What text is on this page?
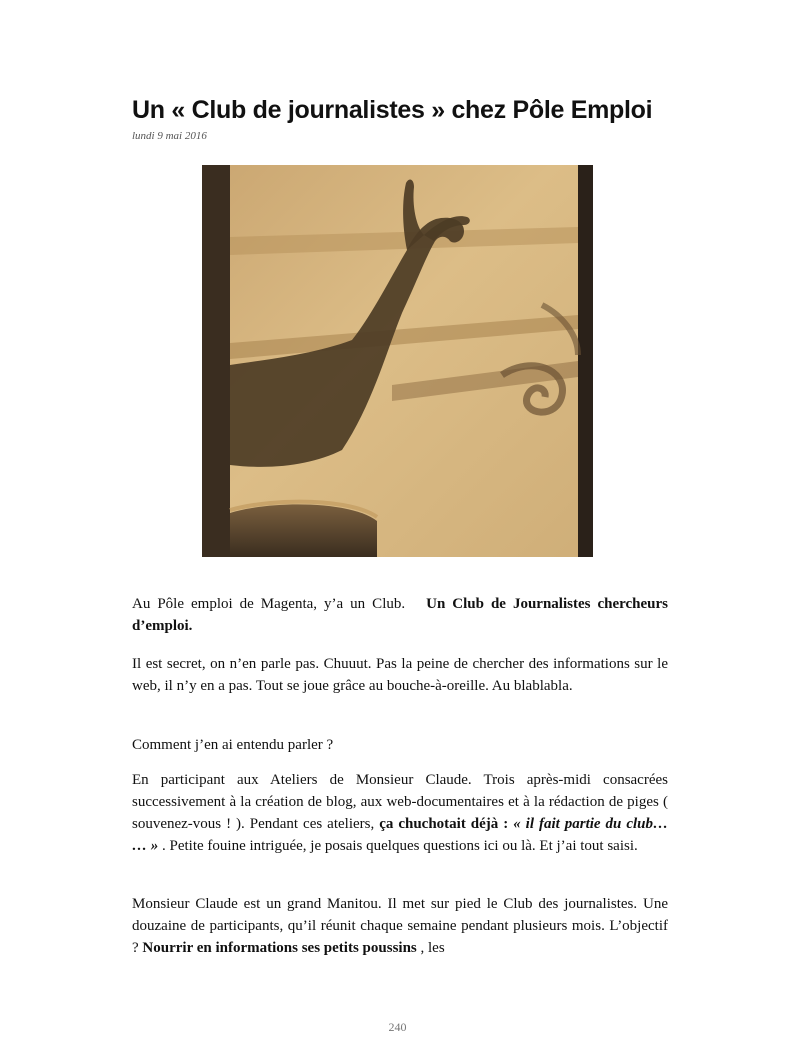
Un « Club de journalistes » chez Pôle Emploi
lundi 9 mai 2016

Au Pôle emploi de Magenta, y’a un Club. Un Club de Journalistes chercheurs d’emploi.

Il est secret, on n’en parle pas. Chuuut. Pas la peine de chercher des informations sur le web, il n’y en a pas. Tout se joue grâce au bouche-à-oreille. Au blablabla.

Comment j’en ai entendu parler ?

En participant aux Ateliers de Monsieur Claude. Trois après-midi consacrées successivement à la création de blog, aux web-documentaires et à la rédaction de piges ( souvenez-vous ! ). Pendant ces ateliers, ça chuchotait déjà : « il fait partie du club… … » . Petite fouine intriguée, je posais quelques questions ici ou là. Et j’ai tout saisi.

Monsieur Claude est un grand Manitou. Il met sur pied le Club des journalistes. Une douzaine de participants, qu’il réunit chaque semaine pendant plusieurs mois. L’objectif ? Nourrir en informations ses petits poussins , les

240
